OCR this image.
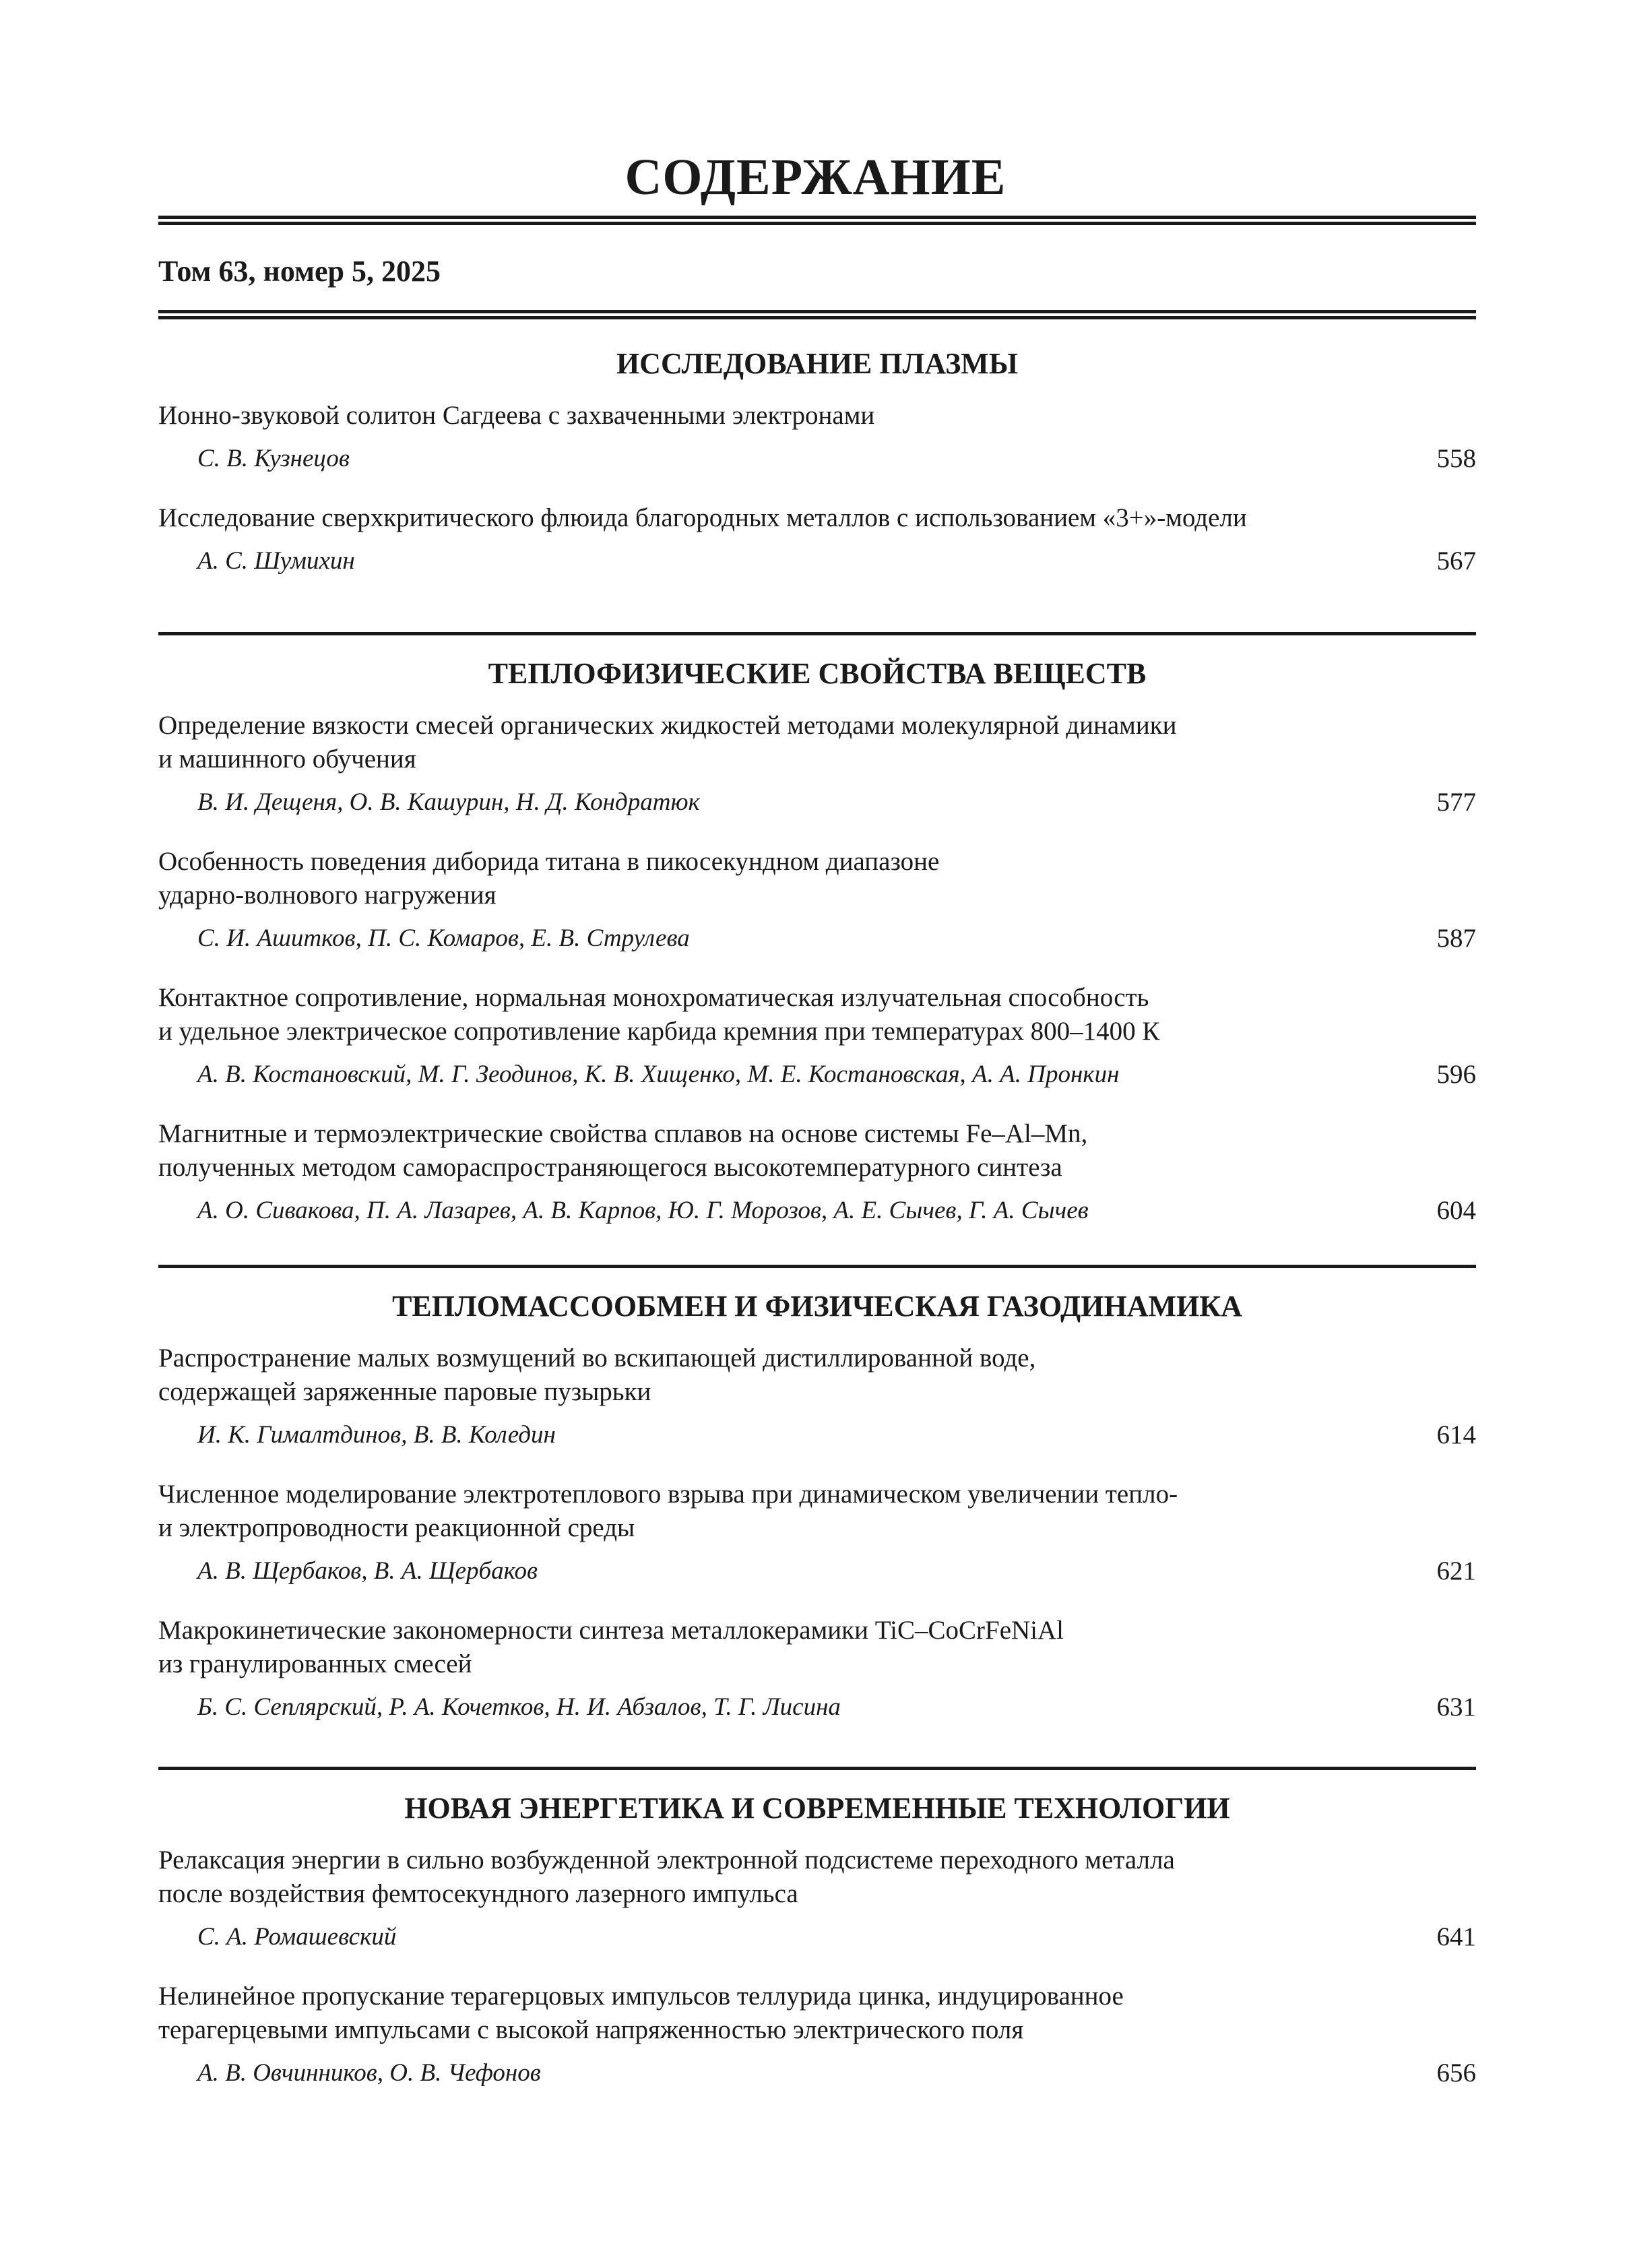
СОДЕРЖАНИЕ
Том 63, номер 5, 2025
ИССЛЕДОВАНИЕ ПЛАЗМЫ
Ионно-звуковой солитон Сагдеева с захваченными электронами
С. В. Кузнецов	558
Исследование сверхкритического флюида благородных металлов с использованием «3+»-модели
А. С. Шумихин	567
ТЕПЛОФИЗИЧЕСКИЕ СВОЙСТВА ВЕЩЕСТВ
Определение вязкости смесей органических жидкостей методами молекулярной динамики
и машинного обучения
В. И. Дещеня, О. В. Кашурин, Н. Д. Кондратюк	577
Особенность поведения диборида титана в пикосекундном диапазоне
ударно-волнового нагружения
С. И. Ашитков, П. С. Комаров, Е. В. Струлева	587
Контактное сопротивление, нормальная монохроматическая излучательная способность
и удельное электрическое сопротивление карбида кремния при температурах 800–1400 К
А. В. Костановский, М. Г. Зеодинов, К. В. Хищенко, М. Е. Костановская, А. А. Пронкин	596
Магнитные и термоэлектрические свойства сплавов на основе системы Fe–Al–Mn,
полученных методом самораспространяющегося высокотемпературного синтеза
А. О. Сивакова, П. А. Лазарев, А. В. Карпов, Ю. Г. Морозов, А. Е. Сычев, Г. А. Сычев	604
ТЕПЛОМАССООБМЕН И ФИЗИЧЕСКАЯ ГАЗОДИНАМИКА
Распространение малых возмущений во вскипающей дистиллированной воде,
содержащей заряженные паровые пузырьки
И. К. Гималтдинов, В. В. Коледин	614
Численное моделирование электротеплового взрыва при динамическом увеличении тепло-
и электропроводности реакционной среды
А. В. Щербаков, В. А. Щербаков	621
Макрокинетические закономерности синтеза металлокерамики TiC–CoCrFeNiAl
из гранулированных смесей
Б. С. Сеплярский, Р. А. Кочетков, Н. И. Абзалов, Т. Г. Лисина	631
НОВАЯ ЭНЕРГЕТИКА И СОВРЕМЕННЫЕ ТЕХНОЛОГИИ
Релаксация энергии в сильно возбужденной электронной подсистеме переходного металла
после воздействия фемтосекундного лазерного импульса
С. А. Ромашевский	641
Нелинейное пропускание терагерцовых импульсов теллурида цинка, индуцированное
терагерцевыми импульсами с высокой напряженностью электрического поля
А. В. Овчинников, О. В. Чефонов	656
